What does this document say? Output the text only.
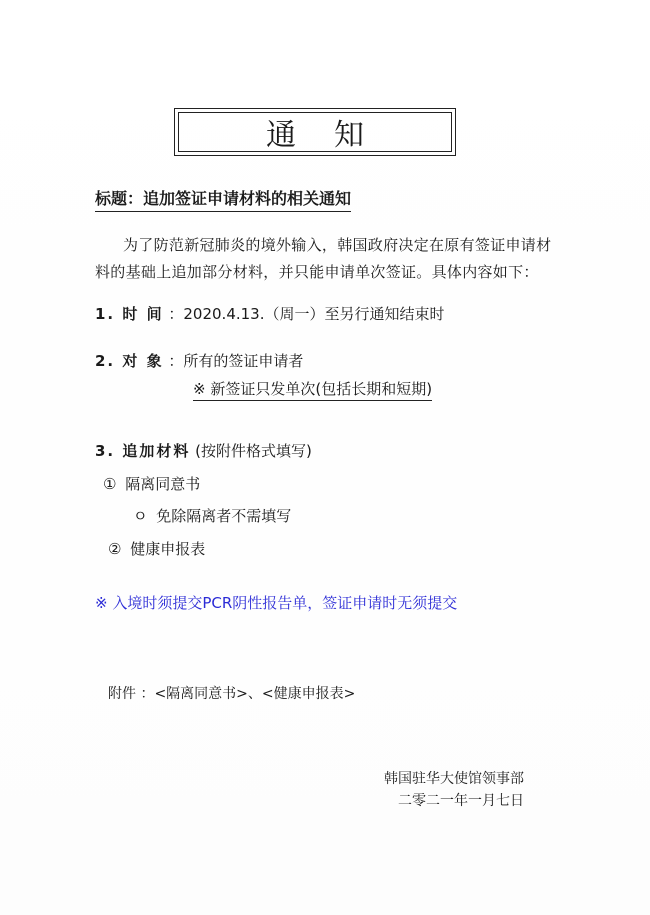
通知
标题：追加签证申请材料的相关通知
为了防范新冠肺炎的境外输入，韩国政府决定在原有签证申请材料的基础上追加部分材料，并只能申请单次签证。具体内容如下：
1. 时 间 ：2020.4.13.（周一）至另行通知结束时
2. 对 象 ：所有的签证申请者
※ 新签证只发单次(包括长期和短期)
3. 追加材料 (按附件格式填写)
① 隔离同意书
ㅇ 免除隔离者不需填写
② 健康申报表
※ 入境时须提交PCR阴性报告单，签证申请时无须提交
附件 ：<隔离同意书>、<健康申报表>
韩国驻华大使馆领事部
二零二一年一月七日
